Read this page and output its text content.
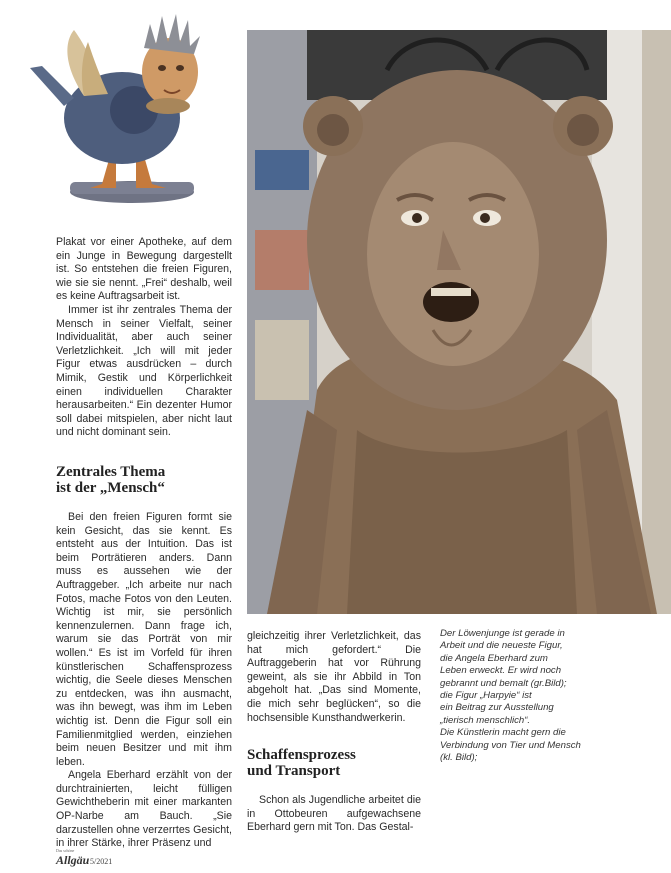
Plakat vor einer Apotheke, auf dem ein Junge in Bewegung dargestellt ist. So entstehen die freien Figuren, wie sie sie nennt. „Frei“ deshalb, weil es keine Auftragsarbeit ist.

Immer ist ihr zentrales Thema der Mensch in seiner Vielfalt, seiner Individualität, aber auch seiner Verletzlichkeit. „Ich will mit jeder Figur etwas ausdrücken – durch Mimik, Gestik und Körperlichkeit einen individuellen Charakter herausarbeiten.“ Ein dezenter Humor soll dabei mitspielen, aber nicht laut und nicht dominant sein.

Zentrales Thema
ist der „Mensch“

Bei den freien Figuren formt sie kein Gesicht, das sie kennt. Es entsteht aus der Intuition. Das ist beim Porträtieren anders. Dann muss es aussehen wie der Auftraggeber. „Ich arbeite nur nach Fotos, mache Fotos von den Leuten. Wichtig ist mir, sie persönlich kennenzulernen. Dann frage ich, warum sie das Porträt von mir wollen.“ Es ist im Vorfeld für ihren künstlerischen Schaffensprozess wichtig, die Seele dieses Menschen zu entdecken, was ihn ausmacht, was ihn bewegt, was ihm im Leben wichtig ist. Denn die Figur soll ein Familienmitglied werden, einziehen beim neuen Besitzer und mit ihm leben.

Angela Eberhard erzählt von der durchtrainierten, leicht fülligen Gewichtheberin mit einer markanten OP-Narbe am Bauch. „Sie darzustellen ohne verzerrtes Gesicht, in ihrer Stärke, ihrer Präsenz und

gleichzeitig ihrer Verletzlichkeit, das hat mich gefordert.“ Die Auftraggeberin hat vor Rührung geweint, als sie ihr Abbild in Ton abgeholt hat. „Das sind Momente, die mich sehr beglücken“, so die hochsensible Kunsthandwerkerin.

Schaffensprozess
und Transport

Schon als Jugendliche arbeitet die in Ottobeuren aufgewachsene Eberhard gern mit Ton. Das Gestal-

Der Löwenjunge ist gerade in

Arbeit und die neueste Figur,

die Angela Eberhard zum

Leben erweckt. Er wird noch

gebrannt und bemalt (gr.Bild);

die Figur „Harpyie“ ist

ein Beitrag zur Ausstellung

„tierisch menschlich“.

Die Künstlerin macht gern die

Verbindung von Tier und Mensch

(kl. Bild);

Das schöne
Allgäu 5/2021
